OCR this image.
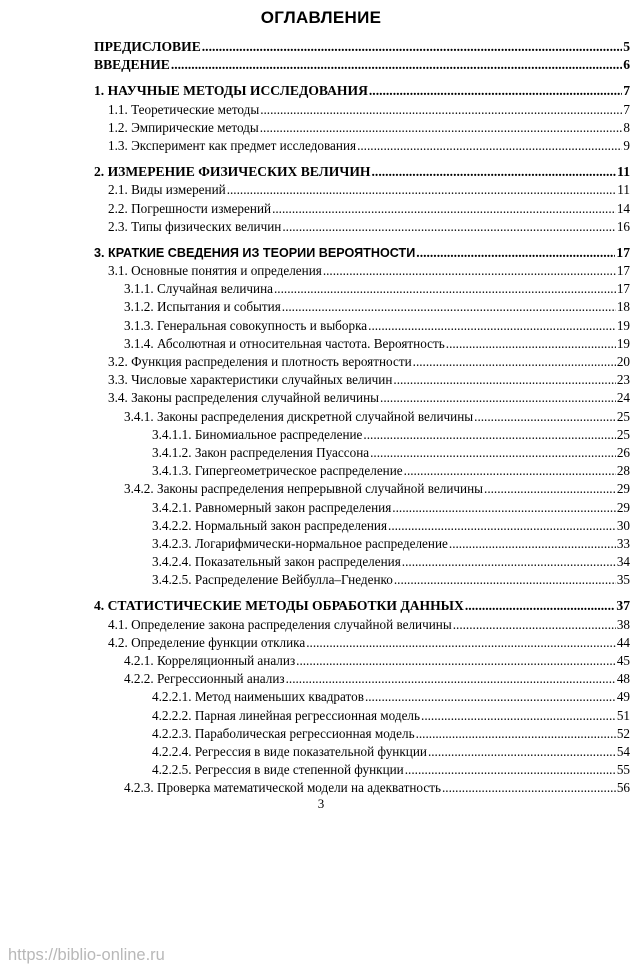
ОГЛАВЛЕНИЕ
ПРЕДИСЛОВИЕ .....	5
ВВЕДЕНИЕ .....	6
1. НАУЧНЫЕ МЕТОДЫ ИССЛЕДОВАНИЯ .....	7
1.1. Теоретические методы .....	7
1.2. Эмпирические методы .....	8
1.3. Эксперимент как предмет исследования .....	9
2. ИЗМЕРЕНИЕ ФИЗИЧЕСКИХ ВЕЛИЧИН .....	11
2.1. Виды измерений .....	11
2.2. Погрешности измерений .....	14
2.3. Типы физических величин .....	16
3. КРАТКИЕ СВЕДЕНИЯ ИЗ ТЕОРИИ ВЕРОЯТНОСТИ .....	17
3.1. Основные понятия и определения .....	17
3.1.1. Случайная величина .....	17
3.1.2. Испытания и события .....	18
3.1.3. Генеральная совокупность и выборка .....	19
3.1.4. Абсолютная и относительная частота. Вероятность .....	19
3.2. Функция распределения и плотность вероятности .....	20
3.3. Числовые характеристики случайных величин .....	23
3.4. Законы распределения случайной величины .....	24
3.4.1. Законы распределения дискретной случайной величины .....	25
3.4.1.1. Биномиальное распределение .....	25
3.4.1.2. Закон распределения Пуассона .....	26
3.4.1.3. Гипергеометрическое распределение .....	28
3.4.2. Законы распределения непрерывной случайной величины .....	29
3.4.2.1. Равномерный закон распределения .....	29
3.4.2.2. Нормальный закон распределения .....	30
3.4.2.3. Логарифмически-нормальное распределение .....	33
3.4.2.4. Показательный закон распределения .....	34
3.4.2.5. Распределение Вейбулла–Гнеденко .....	35
4. СТАТИСТИЧЕСКИЕ МЕТОДЫ ОБРАБОТКИ ДАННЫХ .....	37
4.1. Определение закона распределения случайной величины .....	38
4.2. Определение функции отклика .....	44
4.2.1. Корреляционный анализ .....	45
4.2.2. Регрессионный анализ .....	48
4.2.2.1. Метод наименьших квадратов .....	49
4.2.2.2. Парная линейная регрессионная модель .....	51
4.2.2.3. Параболическая регрессионная модель .....	52
4.2.2.4. Регрессия в виде показательной функции .....	54
4.2.2.5. Регрессия в виде степенной функции .....	55
4.2.3. Проверка математической модели на адекватность .....	56
3
https://biblio-online.ru
